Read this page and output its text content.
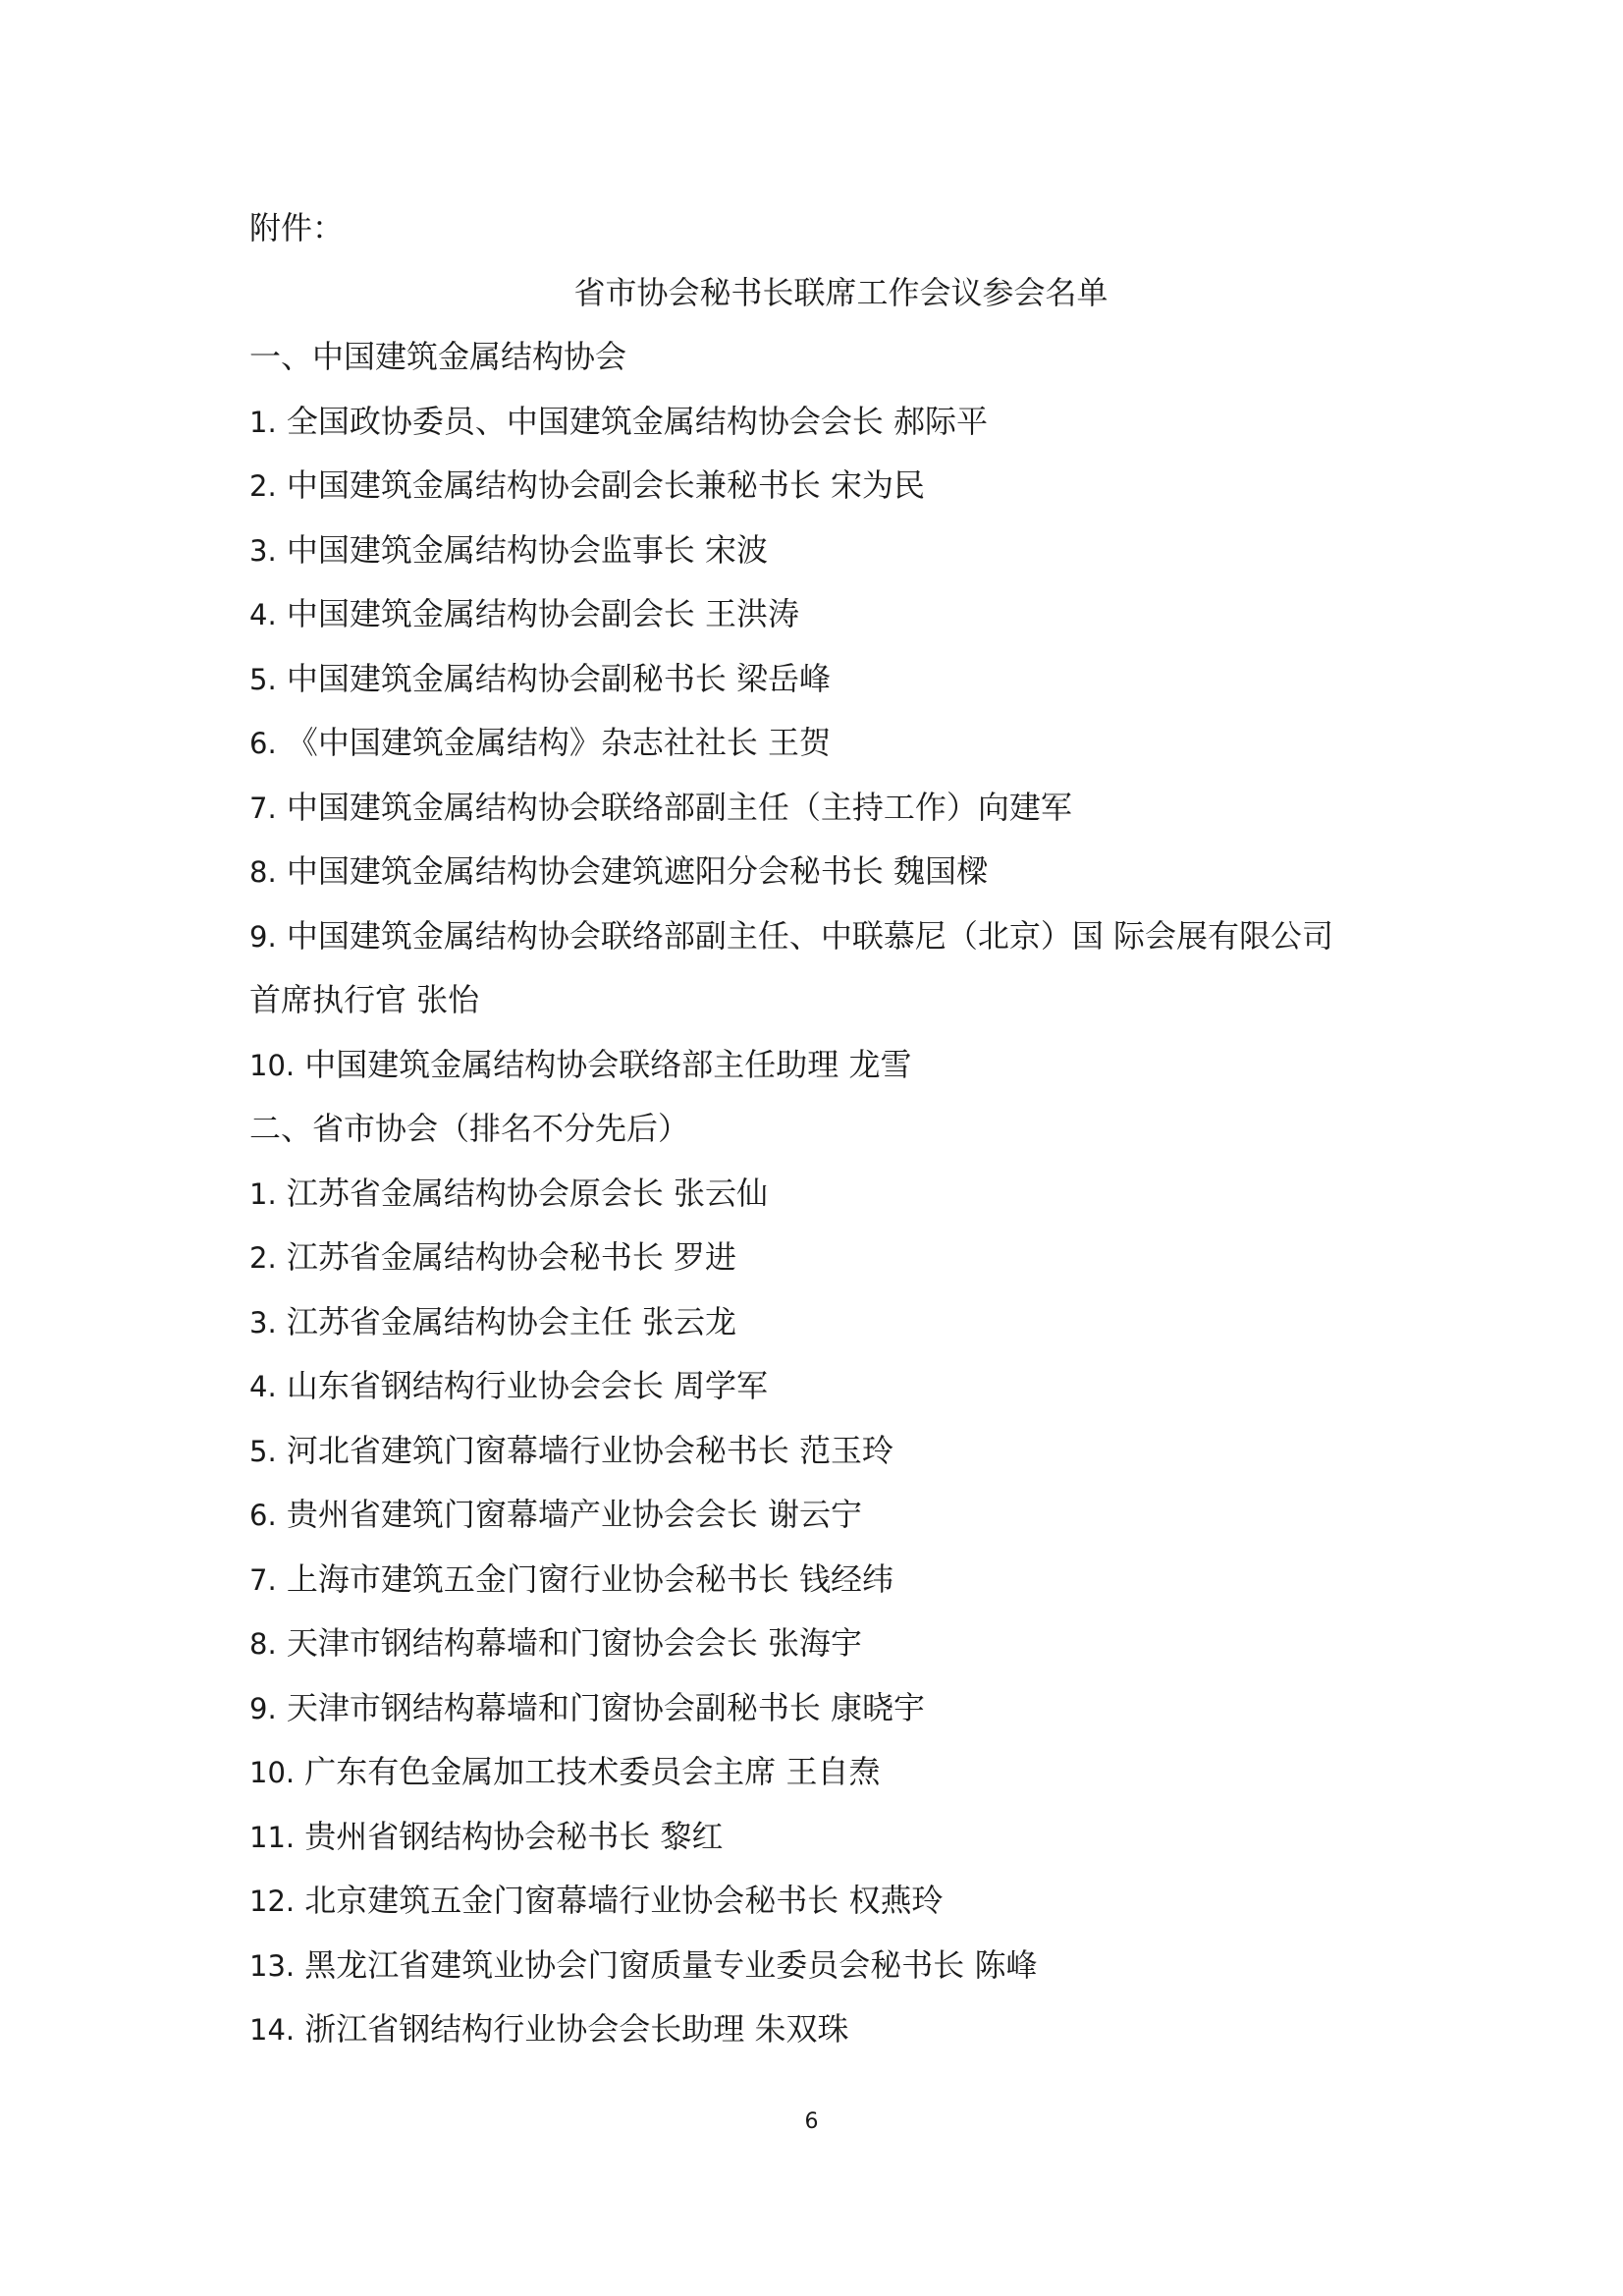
附件：
省市协会秘书长联席工作会议参会名单
一、中国建筑金属结构协会
1. 全国政协委员、中国建筑金属结构协会会长 郝际平
2. 中国建筑金属结构协会副会长兼秘书长 宋为民
3. 中国建筑金属结构协会监事长 宋波
4. 中国建筑金属结构协会副会长 王洪涛
5. 中国建筑金属结构协会副秘书长 梁岳峰
6. 《中国建筑金属结构》杂志社社长 王贺
7. 中国建筑金属结构协会联络部副主任（主持工作）向建军
8. 中国建筑金属结构协会建筑遮阳分会秘书长 魏国樑
9. 中国建筑金属结构协会联络部副主任、中联慕尼（北京）国 际会展有限公司
首席执行官 张怡
10. 中国建筑金属结构协会联络部主任助理 龙雪
二、省市协会（排名不分先后）
1. 江苏省金属结构协会原会长 张云仙
2. 江苏省金属结构协会秘书长 罗进
3. 江苏省金属结构协会主任 张云龙
4. 山东省钢结构行业协会会长 周学军
5. 河北省建筑门窗幕墙行业协会秘书长 范玉玲
6. 贵州省建筑门窗幕墙产业协会会长 谢云宁
7. 上海市建筑五金门窗行业协会秘书长 钱经纬
8. 天津市钢结构幕墙和门窗协会会长 张海宇
9. 天津市钢结构幕墙和门窗协会副秘书长 康晓宇
10. 广东有色金属加工技术委员会主席 王自焘
11. 贵州省钢结构协会秘书长 黎红
12. 北京建筑五金门窗幕墙行业协会秘书长 权燕玲
13. 黑龙江省建筑业协会门窗质量专业委员会秘书长 陈峰
14. 浙江省钢结构行业协会会长助理 朱双珠
6
